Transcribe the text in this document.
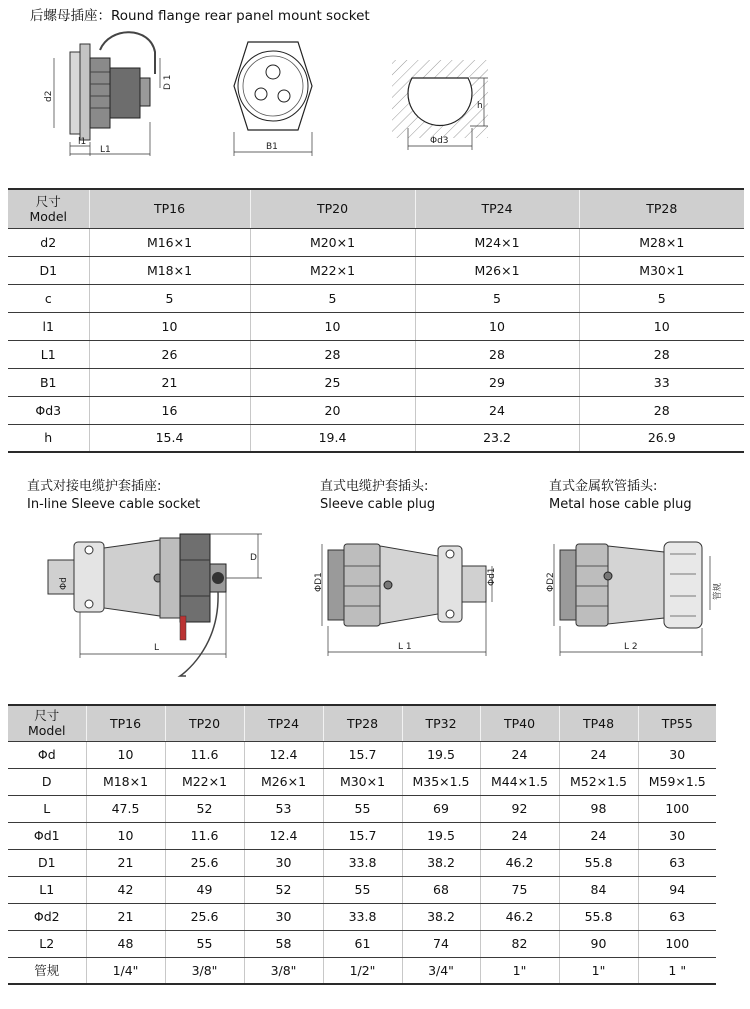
后螺母插座：Round flange rear panel mount socket
d2
D 1
l1
L1	B1
h
Φd3
尺寸
Model	TP16	TP20	TP24	TP28
d2	M16×1	M20×1	M24×1	M28×1
D1	M18×1	M22×1	M26×1	M30×1
c	5	5	5	5
l1	10	10	10	10
L1	26	28	28	28
B1	21	25	29	33
Φd3	16	20	24	28
h	15.4	19.4	23.2	26.9
直式对接电缆护套插座:
In-line Sleeve cable socket
直式电缆护套插头:
Sleeve cable plug
直式金属软管插头:
Metal hose cable plug
Φd
D
L
ΦD1	Φd1
L 1
ΦD2	管规
L 2
尺寸
Model	TP16	TP20	TP24	TP28	TP32	TP40	TP48	TP55
Φd	10	11.6	12.4	15.7	19.5	24	24	30
D	M18×1	M22×1	M26×1	M30×1	M35×1.5	M44×1.5	M52×1.5	M59×1.5
L	47.5	52	53	55	69	92	98	100
Φd1	10	11.6	12.4	15.7	19.5	24	24	30
D1	21	25.6	30	33.8	38.2	46.2	55.8	63
L1	42	49	52	55	68	75	84	94
Φd2	21	25.6	30	33.8	38.2	46.2	55.8	63
L2	48	55	58	61	74	82	90	100
管规	1/4"	3/8"	3/8"	1/2"	3/4"	1"	1"	1 "
